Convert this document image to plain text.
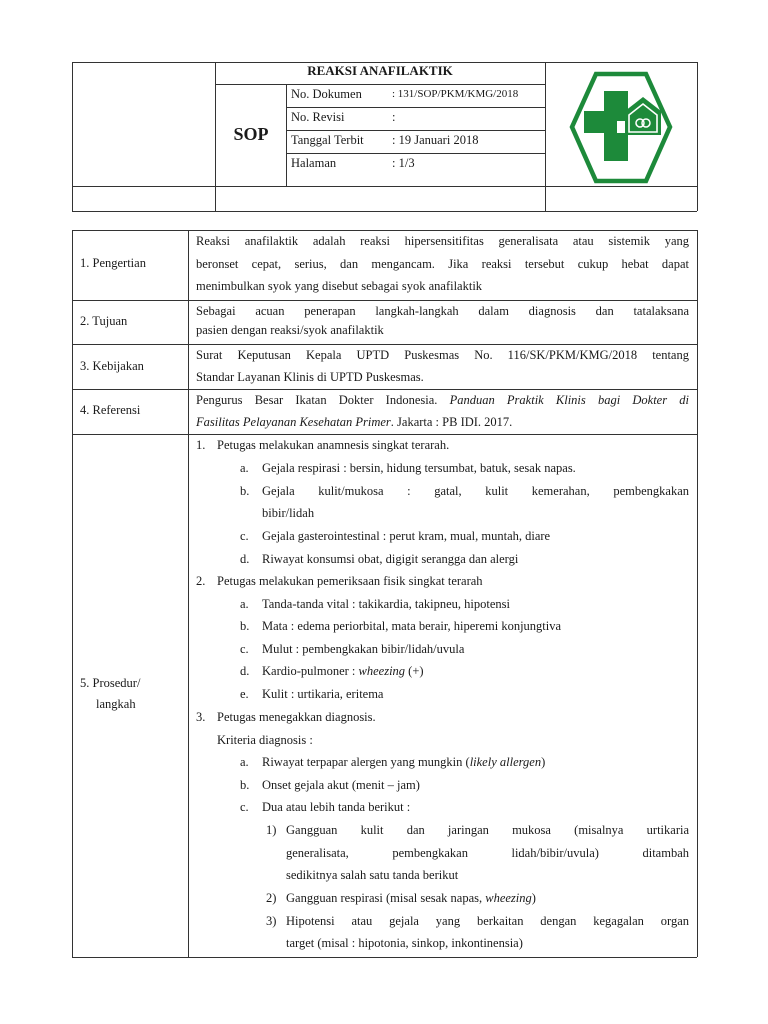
REAKSI ANAFILAKTIK
SOP
No. Dokumen	: 131/SOP/PKM/KMG/2018
No. Revisi	:
Tanggal Terbit : 19 Januari 2018
Halaman	: 1/3
1. Pengertian
Reaksi anafilaktik adalah reaksi hipersensitifitas generalisata atau sistemik yang
beronset cepat, serius, dan mengancam. Jika reaksi tersebut cukup hebat dapat
menimbulkan syok yang disebut sebagai syok anafilaktik
2. Tujuan
Sebagai acuan penerapan langkah-langkah dalam diagnosis dan tatalaksana
pasien dengan reaksi/syok anafilaktik
3. Kebijakan
Surat Keputusan Kepala UPTD Puskesmas No. 116/SK/PKM/KMG/2018 tentang
Standar Layanan Klinis di UPTD Puskesmas.
4. Referensi
Pengurus Besar Ikatan Dokter Indonesia. Panduan Praktik Klinis bagi Dokter di
Fasilitas Pelayanan Kesehatan Primer. Jakarta : PB IDI. 2017.
5. Prosedur/
langkah
1. Petugas melakukan anamnesis singkat terarah.
a. Gejala respirasi : bersin, hidung tersumbat, batuk, sesak napas.
b. Gejala kulit/mukosa : gatal, kulit kemerahan, pembengkakan
bibir/lidah
c. Gejala gasterointestinal : perut kram, mual, muntah, diare
d. Riwayat konsumsi obat, digigit serangga dan alergi
2. Petugas melakukan pemeriksaan fisik singkat terarah
a. Tanda-tanda vital : takikardia, takipneu, hipotensi
b. Mata : edema periorbital, mata berair, hiperemi konjungtiva
c. Mulut : pembengkakan bibir/lidah/uvula
d. Kardio-pulmoner : wheezing (+)
e. Kulit : urtikaria, eritema
3. Petugas menegakkan diagnosis.
Kriteria diagnosis :
a. Riwayat terpapar alergen yang mungkin (likely allergen)
b. Onset gejala akut (menit – jam)
c. Dua atau lebih tanda berikut :
1) Gangguan kulit dan jaringan mukosa (misalnya urtikaria
generalisata, pembengkakan lidah/bibir/uvula) ditambah
sedikitnya salah satu tanda berikut
2) Gangguan respirasi (misal sesak napas, wheezing)
3) Hipotensi atau gejala yang berkaitan dengan kegagalan organ
target (misal : hipotonia, sinkop, inkontinensia)
